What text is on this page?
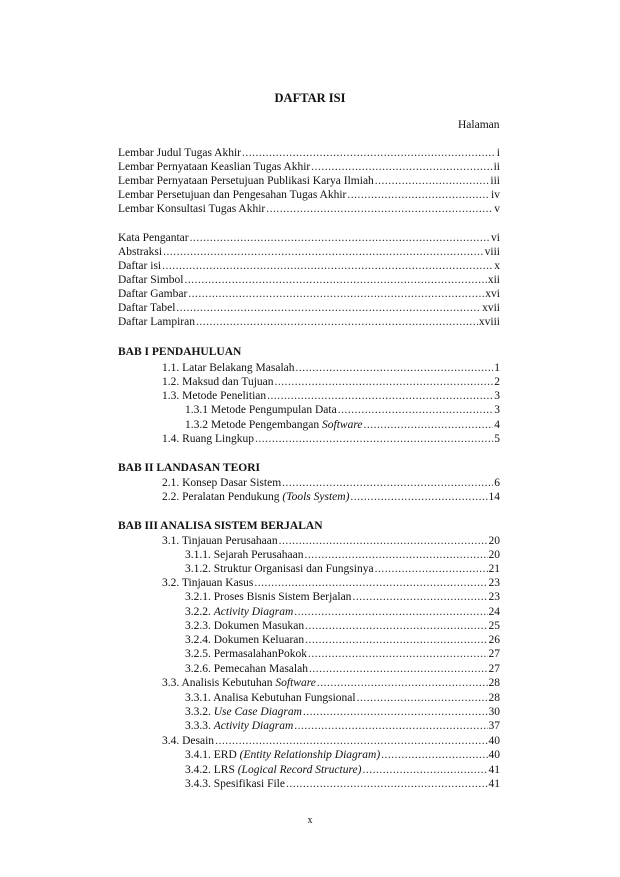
DAFTAR ISI
Halaman
Lembar Judul Tugas Akhir .....	i
Lembar Pernyataan Keaslian Tugas Akhir .....	ii
Lembar Pernyataan Persetujuan Publikasi Karya Ilmiah .....	iii
Lembar Persetujuan dan Pengesahan Tugas Akhir .....	iv
Lembar Konsultasi Tugas Akhir .....	v
Kata Pengantar .....	vi
Abstraksi .....	viii
Daftar isi .....	x
Daftar Simbol .....	xii
Daftar Gambar .....	xvi
Daftar Tabel .....	xvii
Daftar Lampiran .....	xviii
BAB I PENDAHULUAN
1.1. Latar Belakang Masalah .....	1
1.2. Maksud dan Tujuan .....	2
1.3. Metode Penelitian .....	3
1.3.1 Metode Pengumpulan Data .....	3
1.3.2 Metode Pengembangan Software .....	4
1.4. Ruang Lingkup .....	5
BAB II LANDASAN TEORI
2.1. Konsep Dasar Sistem .....	6
2.2. Peralatan Pendukung (Tools System) .....	14
BAB III ANALISA SISTEM BERJALAN
3.1. Tinjauan Perusahaan .....	20
3.1.1. Sejarah Perusahaan .....	20
3.1.2. Struktur Organisasi dan Fungsinya .....	21
3.2. Tinjauan Kasus .....	23
3.2.1. Proses Bisnis Sistem Berjalan .....	23
3.2.2. Activity Diagram .....	24
3.2.3. Dokumen Masukan .....	25
3.2.4. Dokumen Keluaran .....	26
3.2.5. PermasalahanPokok .....	27
3.2.6. Pemecahan Masalah .....	27
3.3. Analisis Kebutuhan Software .....	28
3.3.1. Analisa Kebutuhan Fungsional .....	28
3.3.2. Use Case Diagram .....	30
3.3.3. Activity Diagram .....	37
3.4. Desain .....	40
3.4.1. ERD (Entity Relationship Diagram) .....	40
3.4.2. LRS (Logical Record Structure) .....	41
3.4.3. Spesifikasi File .....	41
x
